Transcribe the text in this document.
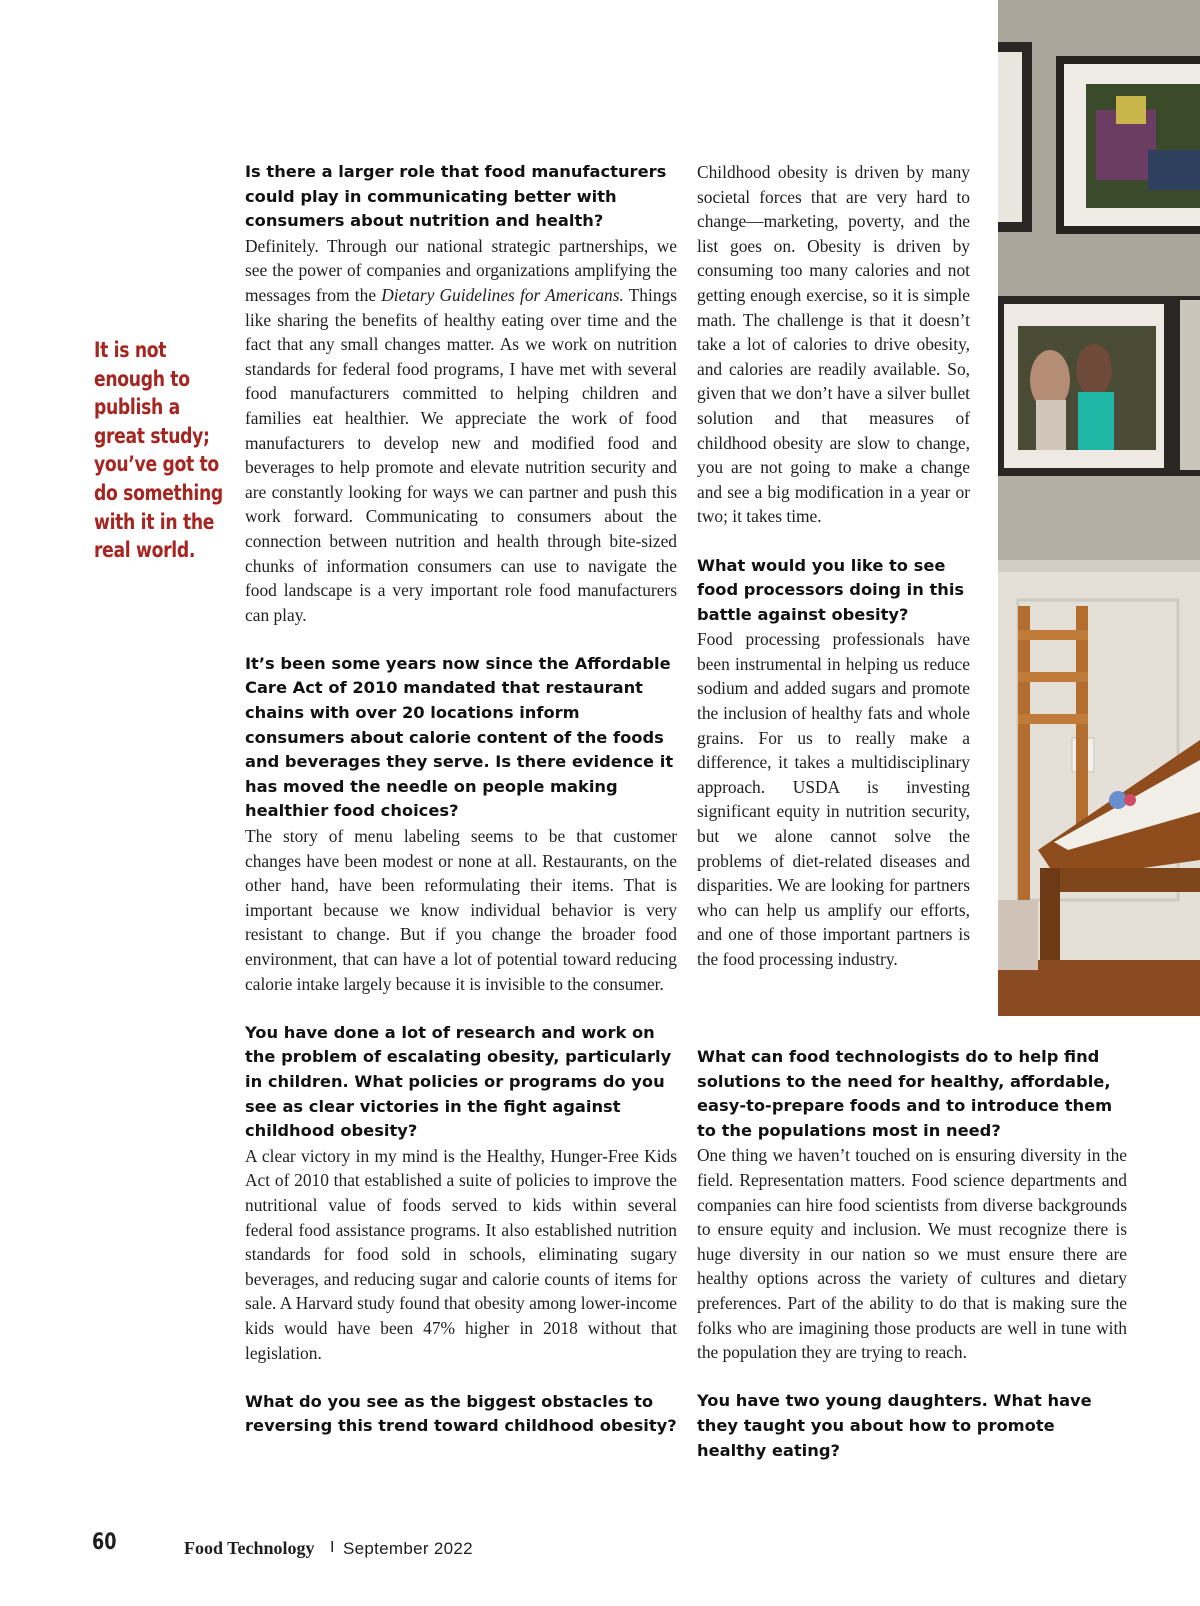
It is not
enough to
publish a
great study;
you’ve got to
do something
with it in the
real world.

Is there a larger role that food manufacturers could play in communicating better with consumers about nutrition and health?

Definitely. Through our national strategic partnerships, we see the power of companies and organizations amplifying the messages from the Dietary Guidelines for Americans. Things like sharing the benefits of healthy eating over time and the fact that any small changes matter. As we work on nutrition standards for federal food programs, I have met with several food manufacturers committed to helping children and families eat healthier. We appreciate the work of food manufacturers to develop new and modified food and beverages to help promote and elevate nutrition security and are constantly looking for ways we can partner and push this work forward. Communicating to consumers about the connection between nutrition and health through bite-sized chunks of information consumers can use to navigate the food landscape is a very important role food manufacturers can play.

It’s been some years now since the Affordable Care Act of 2010 mandated that restaurant chains with over 20 locations inform consumers about calorie content of the foods and beverages they serve. Is there evidence it has moved the needle on people making healthier food choices?

The story of menu labeling seems to be that customer changes have been modest or none at all. Restaurants, on the other hand, have been reformulating their items. That is important because we know individual behavior is very resistant to change. But if you change the broader food environment, that can have a lot of potential toward reducing calorie intake largely because it is invisible to the consumer.

You have done a lot of research and work on the problem of escalating obesity, particularly in children. What policies or programs do you see as clear victories in the fight against childhood obesity?

A clear victory in my mind is the Healthy, Hunger-Free Kids Act of 2010 that established a suite of policies to improve the nutritional value of foods served to kids within several federal food assistance programs. It also established nutrition standards for food sold in schools, eliminating sugary beverages, and reducing sugar and calorie counts of items for sale. A Harvard study found that obesity among lower-income kids would have been 47% higher in 2018 without that legislation.

What do you see as the biggest obstacles to reversing this trend toward childhood obesity?

Childhood obesity is driven by many societal forces that are very hard to change—marketing, poverty, and the list goes on. Obesity is driven by consuming too many calories and not getting enough exercise, so it is simple math. The challenge is that it doesn’t take a lot of calories to drive obesity, and calories are readily available. So, given that we don’t have a silver bullet solution and that measures of childhood obesity are slow to change, you are not going to make a change and see a big modification in a year or two; it takes time.

What would you like to see food processors doing in this battle against obesity?

Food processing professionals have been instrumental in helping us reduce sodium and added sugars and promote the inclusion of healthy fats and whole grains. For us to really make a difference, it takes a multidisciplinary approach. USDA is investing significant equity in nutrition security, but we alone cannot solve the problems of diet-related diseases and disparities. We are looking for partners who can help us amplify our efforts, and one of those important partners is the food processing industry.

What can food technologists do to help find solutions to the need for healthy, affordable, easy-to-prepare foods and to introduce them to the populations most in need?

One thing we haven’t touched on is ensuring diversity in the field. Representation matters. Food science departments and companies can hire food scientists from diverse backgrounds to ensure equity and inclusion. We must recognize there is huge diversity in our nation so we must ensure there are healthy options across the variety of cultures and dietary preferences. Part of the ability to do that is making sure the folks who are imagining those products are well in tune with the population they are trying to reach.

You have two young daughters. What have they taught you about how to promote healthy eating?

60	Food Technology I September 2022
